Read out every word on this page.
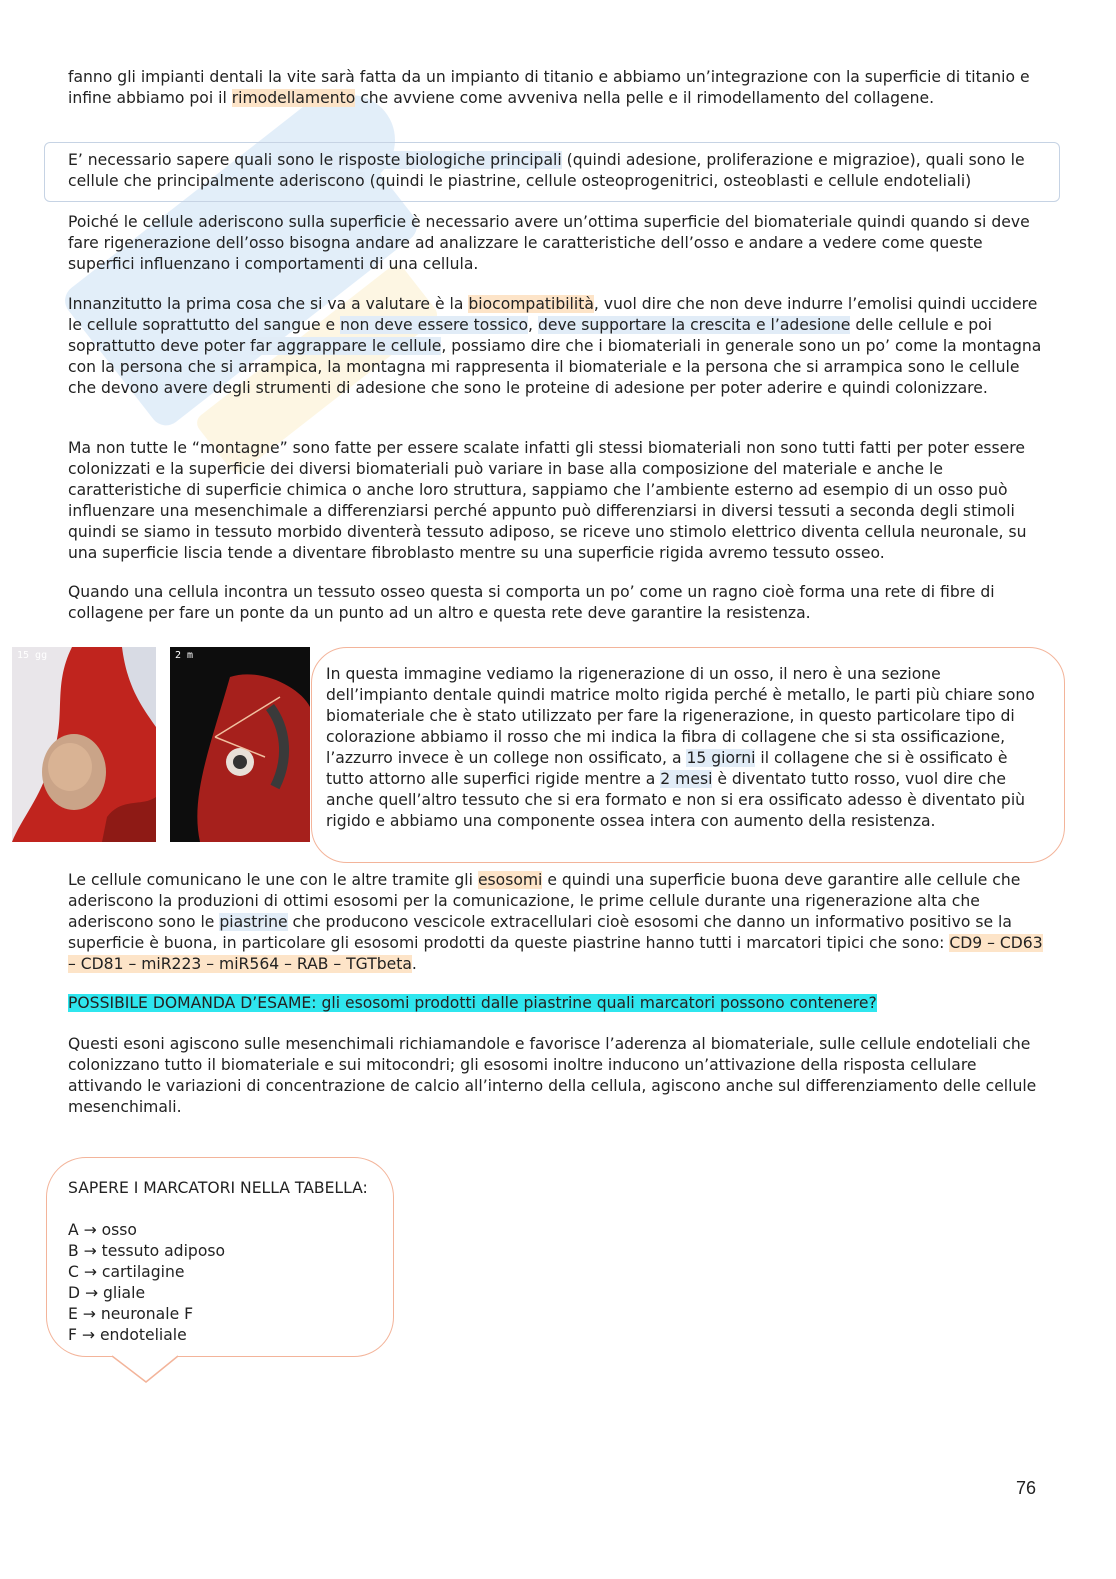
fanno gli impianti dentali la vite sarà fatta da un impianto di titanio e abbiamo un’integrazione con la superficie di titanio e infine abbiamo poi il rimodellamento che avviene come avveniva nella pelle e il rimodellamento del collagene.

E’ necessario sapere quali sono le risposte biologiche principali (quindi adesione, proliferazione e migrazioe), quali sono le cellule che principalmente aderiscono (quindi le piastrine, cellule osteoprogenitrici, osteoblasti e cellule endoteliali)

Poiché le cellule aderiscono sulla superficie è necessario avere un’ottima superficie del biomateriale quindi quando si deve fare rigenerazione dell’osso bisogna andare ad analizzare le caratteristiche dell’osso e andare a vedere come queste superfici influenzano i comportamenti di una cellula.

Innanzitutto la prima cosa che si va a valutare è la biocompatibilità, vuol dire che non deve indurre l’emolisi quindi uccidere le cellule soprattutto del sangue e non deve essere tossico, deve supportare la crescita e l’adesione delle cellule e poi soprattutto deve poter far aggrappare le cellule, possiamo dire che i biomateriali in generale sono un po’ come la montagna con la persona che si arrampica, la montagna mi rappresenta il biomateriale e la persona che si arrampica sono le cellule che devono avere degli strumenti di adesione che sono le proteine di adesione per poter aderire e quindi colonizzare.

Ma non tutte le “montagne” sono fatte per essere scalate infatti gli stessi biomateriali non sono tutti fatti per poter essere colonizzati e la superficie dei diversi biomateriali può variare in base alla composizione del materiale e anche le caratteristiche di superficie chimica o anche loro struttura, sappiamo che l’ambiente esterno ad esempio di un osso può influenzare una mesenchimale a differenziarsi perché appunto può differenziarsi in diversi tessuti a seconda degli stimoli quindi se siamo in tessuto morbido diventerà tessuto adiposo, se riceve uno stimolo elettrico diventa cellula neuronale, su una superficie liscia tende a diventare fibroblasto mentre su una superficie rigida avremo tessuto osseo.

Quando una cellula incontra un tessuto osseo questa si comporta un po’ come un ragno cioè forma una rete di fibre di collagene per fare un ponte da un punto ad un altro e questa rete deve garantire la resistenza.

15 gg	2 m

In questa immagine vediamo la rigenerazione di un osso, il nero è una sezione dell’impianto dentale quindi matrice molto rigida perché è metallo, le parti più chiare sono biomateriale che è stato utilizzato per fare la rigenerazione, in questo particolare tipo di colorazione abbiamo il rosso che mi indica la fibra di collagene che si sta ossificazione, l’azzurro invece è un college non ossificato, a 15 giorni il collagene che si è ossificato è tutto attorno alle superfici rigide mentre a 2 mesi è diventato tutto rosso, vuol dire che anche quell’altro tessuto che si era formato e non si era ossificato adesso è diventato più rigido e abbiamo una componente ossea intera con aumento della resistenza.

Le cellule comunicano le une con le altre tramite gli esosomi e quindi una superficie buona deve garantire alle cellule che aderiscono la produzioni di ottimi esosomi per la comunicazione, le prime cellule durante una rigenerazione alta che aderiscono sono le piastrine che producono vescicole extracellulari cioè esosomi che danno un informativo positivo se la superficie è buona, in particolare gli esosomi prodotti da queste piastrine hanno tutti i marcatori tipici che sono: CD9 – CD63 – CD81 – miR223 – miR564 – RAB – TGTbeta.

POSSIBILE DOMANDA D’ESAME: gli esosomi prodotti dalle piastrine quali marcatori possono contenere?

Questi esoni agiscono sulle mesenchimali richiamandole e favorisce l’aderenza al biomateriale, sulle cellule endoteliali che colonizzano tutto il biomateriale e sui mitocondri; gli esosomi inoltre inducono un’attivazione della risposta cellulare attivando le variazioni di concentrazione de calcio all’interno della cellula, agiscono anche sul differenziamento delle cellule mesenchimali.

SAPERE I MARCATORI NELLA TABELLA:
A → osso
B → tessuto adiposo
C → cartilagine
D → gliale
E → neuronale F
F → endoteliale
76
